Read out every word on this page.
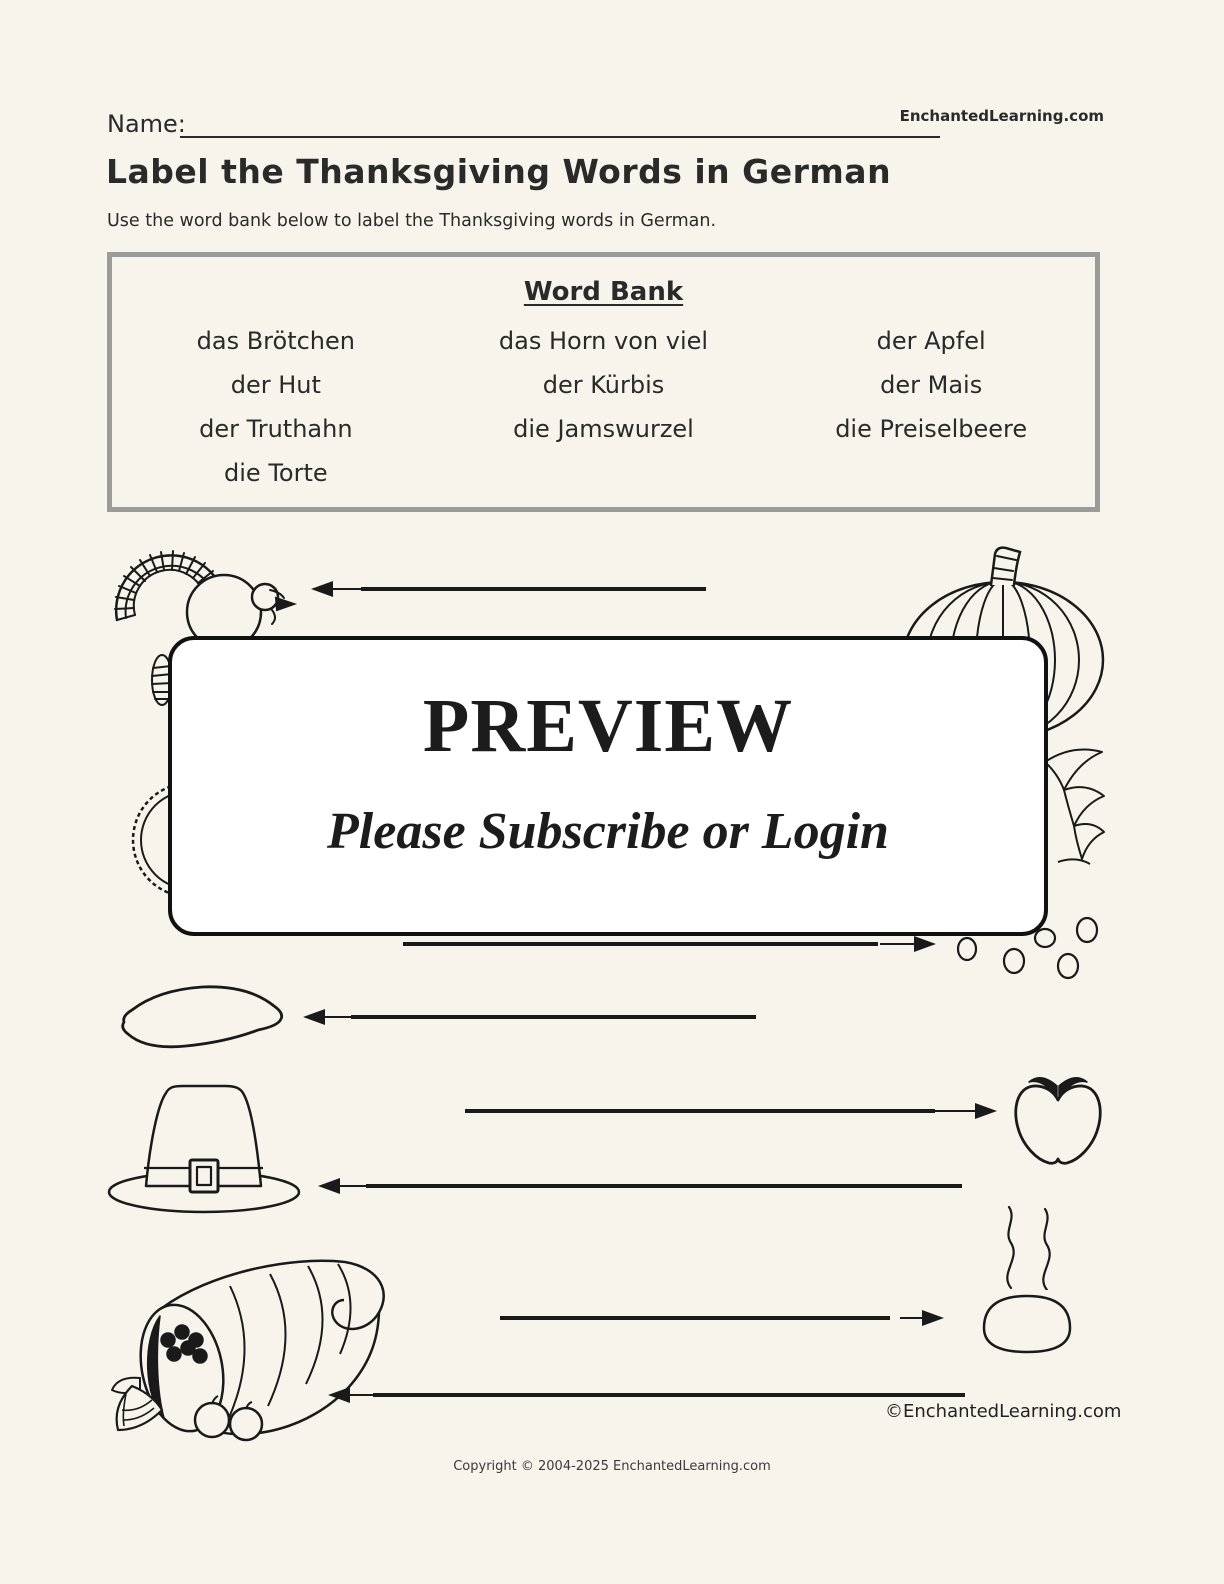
Name:	EnchantedLearning.com
Label the Thanksgiving Words in German
Use the word bank below to label the Thanksgiving words in German.
Word Bank
das Brötchen
der Hut
der Truthahn
die Torte
das Horn von viel
der Kürbis
die Jamswurzel
der Apfel
der Mais
die Preiselbeere
PREVIEW
Please Subscribe or Login
©EnchantedLearning.com
Copyright © 2004-2025 EnchantedLearning.com
